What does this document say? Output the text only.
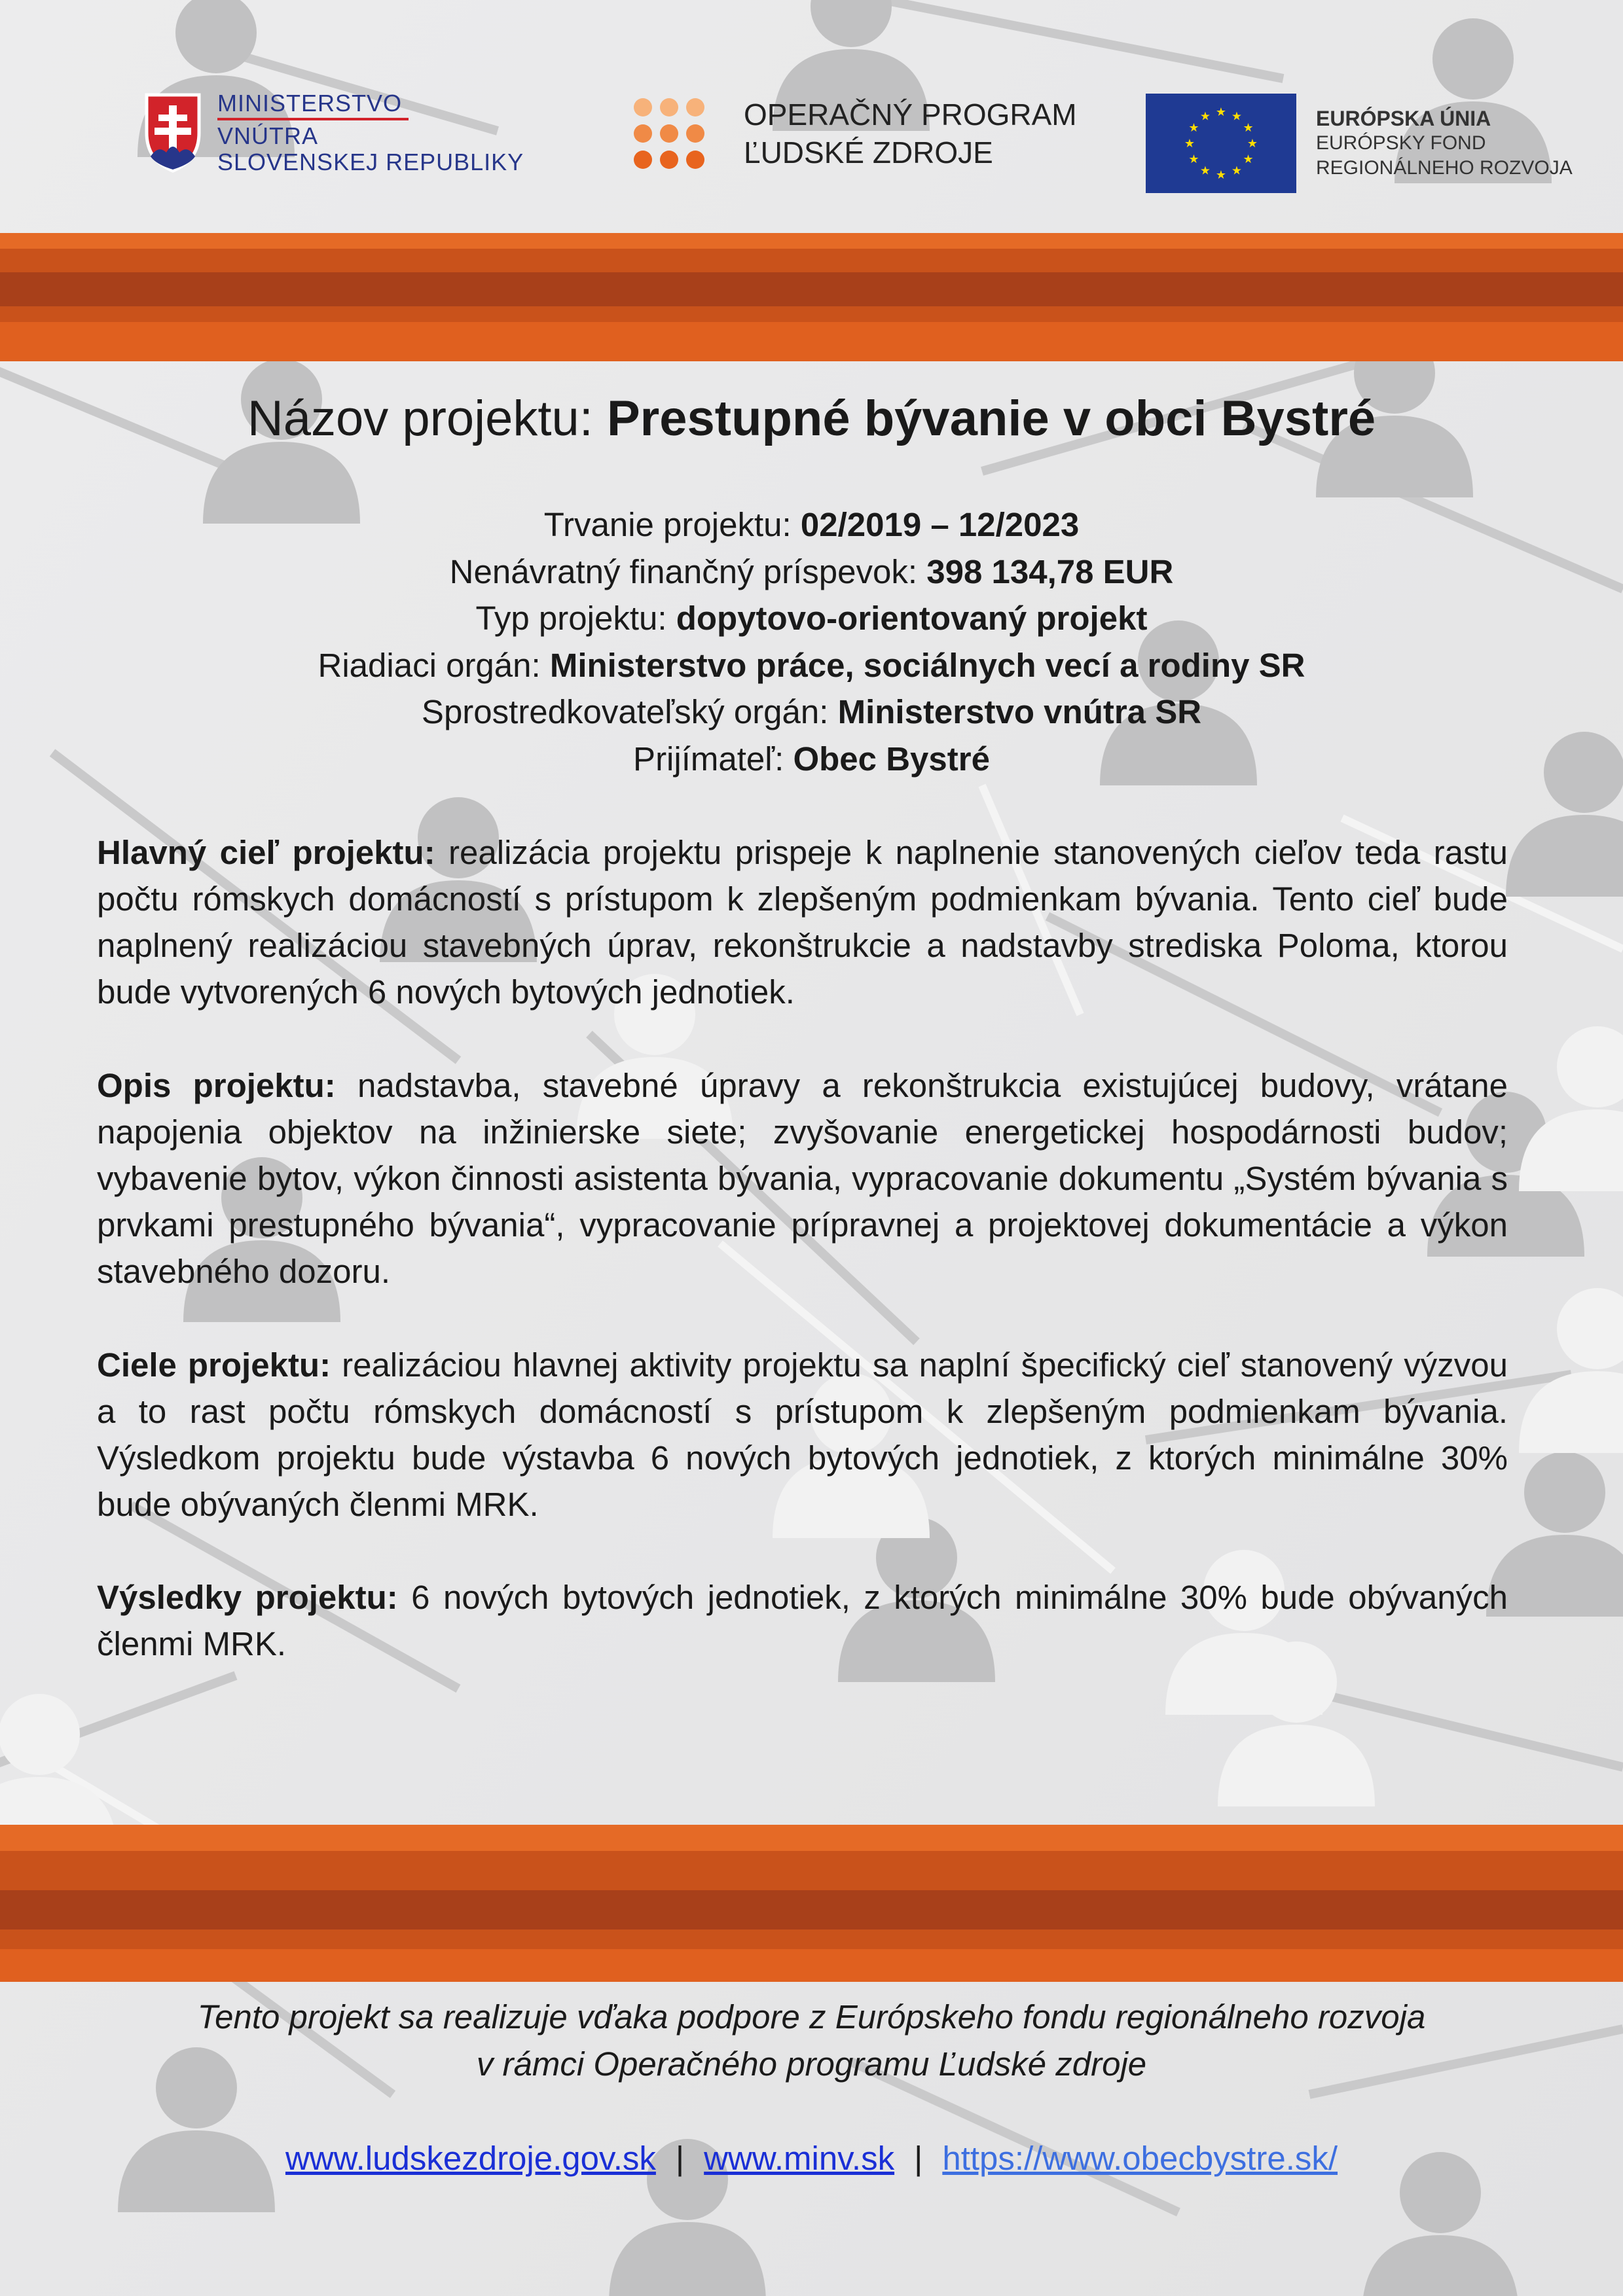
MINISTERSTVO
VNÚTRA
SLOVENSKEJ REPUBLIKY
OPERAČNÝ PROGRAM
ĽUDSKÉ ZDROJE
★ ★
★
★
★
★
★
★
★
★
★
★	EURÓPSKA ÚNIA
EURÓPSKY FOND
REGIONÁLNEHO ROZVOJA
Názov projektu: Prestupné bývanie v obci Bystré
Trvanie projektu: 02/2019 – 12/2023
Nenávratný finančný príspevok: 398 134,78 EUR
Typ projektu: dopytovo-orientovaný projekt
Riadiaci orgán: Ministerstvo práce, sociálnych vecí a rodiny SR
Sprostredkovateľský orgán: Ministerstvo vnútra SR
Prijímateľ: Obec Bystré

Hlavný cieľ projektu: realizácia projektu prispeje k naplnenie stanovených cieľov teda rastu počtu rómskych domácností s prístupom k zlepšeným podmienkam bývania. Tento cieľ bude naplnený realizáciou stavebných úprav, rekonštrukcie a nadstavby strediska Poloma, ktorou bude vytvorených 6 nových bytových jednotiek.

Opis projektu: nadstavba, stavebné úpravy a rekonštrukcia existujúcej budovy, vrátane napojenia objektov na inžinierske siete; zvyšovanie energetickej hospodárnosti budov; vybavenie bytov, výkon činnosti asistenta bývania, vypracovanie dokumentu „Systém bývania s prvkami prestupného bývania“, vypracovanie prípravnej a projektovej dokumentácie a výkon stavebného dozoru.

Ciele projektu: realizáciou hlavnej aktivity projektu sa naplní špecifický cieľ stanovený výzvou a to rast počtu rómskych domácností s prístupom k zlepšeným podmienkam bývania. Výsledkom projektu bude výstavba 6 nových bytových jednotiek, z ktorých minimálne 30% bude obývaných členmi MRK.

Výsledky projektu: 6 nových bytových jednotiek, z ktorých minimálne 30% bude obývaných členmi MRK.

Tento projekt sa realizuje vďaka podpore z Európskeho fondu regionálneho rozvoja
v rámci Operačného programu Ľudské zdroje
www.ludskezdroje.gov.sk | www.minv.sk | https://www.obecbystre.sk/
